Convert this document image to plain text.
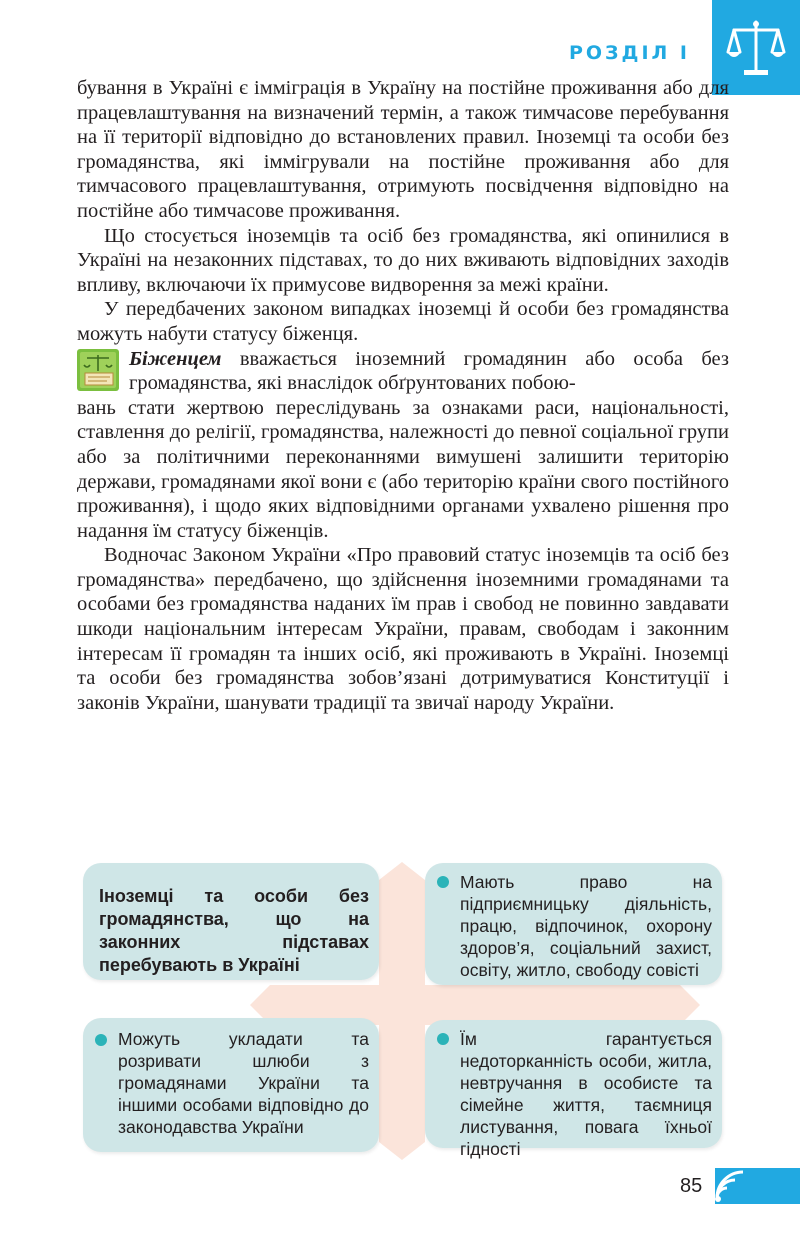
РОЗДІЛ I

бування в Україні є імміграція в Україну на постійне проживання або для працевлаштування на визначений термін, а також тимчасове перебування на її території відповідно до встановлених правил. Іноземці та особи без громадянства, які іммігрували на постійне проживання або для тимчасового працевлаштування, отримують посвідчення відповідно на постійне або тимчасове проживання.

Що стосується іноземців та осіб без громадянства, які опинилися в Україні на незаконних підставах, то до них вживають відповідних заходів впливу, включаючи їх примусове видворення за межі країни.

У передбачених законом випадках іноземці й особи без громадянства можуть набути статусу біженця.

Біженцем вважається іноземний громадянин або особа без громадянства, які внаслідок обґрунтованих побою-
вань стати жертвою переслідувань за ознаками раси, національності, ставлення до релігії, громадянства, належності до певної соціальної групи або за політичними переконаннями вимушені залишити територію держави, громадянами якої вони є (або територію країни свого постійного проживання), і щодо яких відповідними органами ухвалено рішення про надання їм статусу біженців.

Водночас Законом України «Про правовий статус іноземців та осіб без громадянства» передбачено, що здійснення іноземними громадянами та особами без громадянства наданих їм прав і свобод не повинно завдавати шкоди національним інтересам України, правам, свободам і законним інтересам її громадян та інших осіб, які проживають в Україні. Іноземці та особи без громадянства зобов’язані дотримуватися Конституції і законів України, шанувати традиції та звичаї народу України.

Іноземці та особи без громадянства, що на законних підставах перебувають в Україні
Мають право на підприємницьку діяльність, працю, відпочинок, охорону здоров’я, соціальний захист, освіту, житло, свободу совісті
Можуть укладати та розривати шлюби з громадянами України та іншими особами відповідно до законодавства України
Їм гарантується недоторканність особи, житла, невтручання в особисте та сімейне життя, таємниця листування, повага їхньої гідності
85
